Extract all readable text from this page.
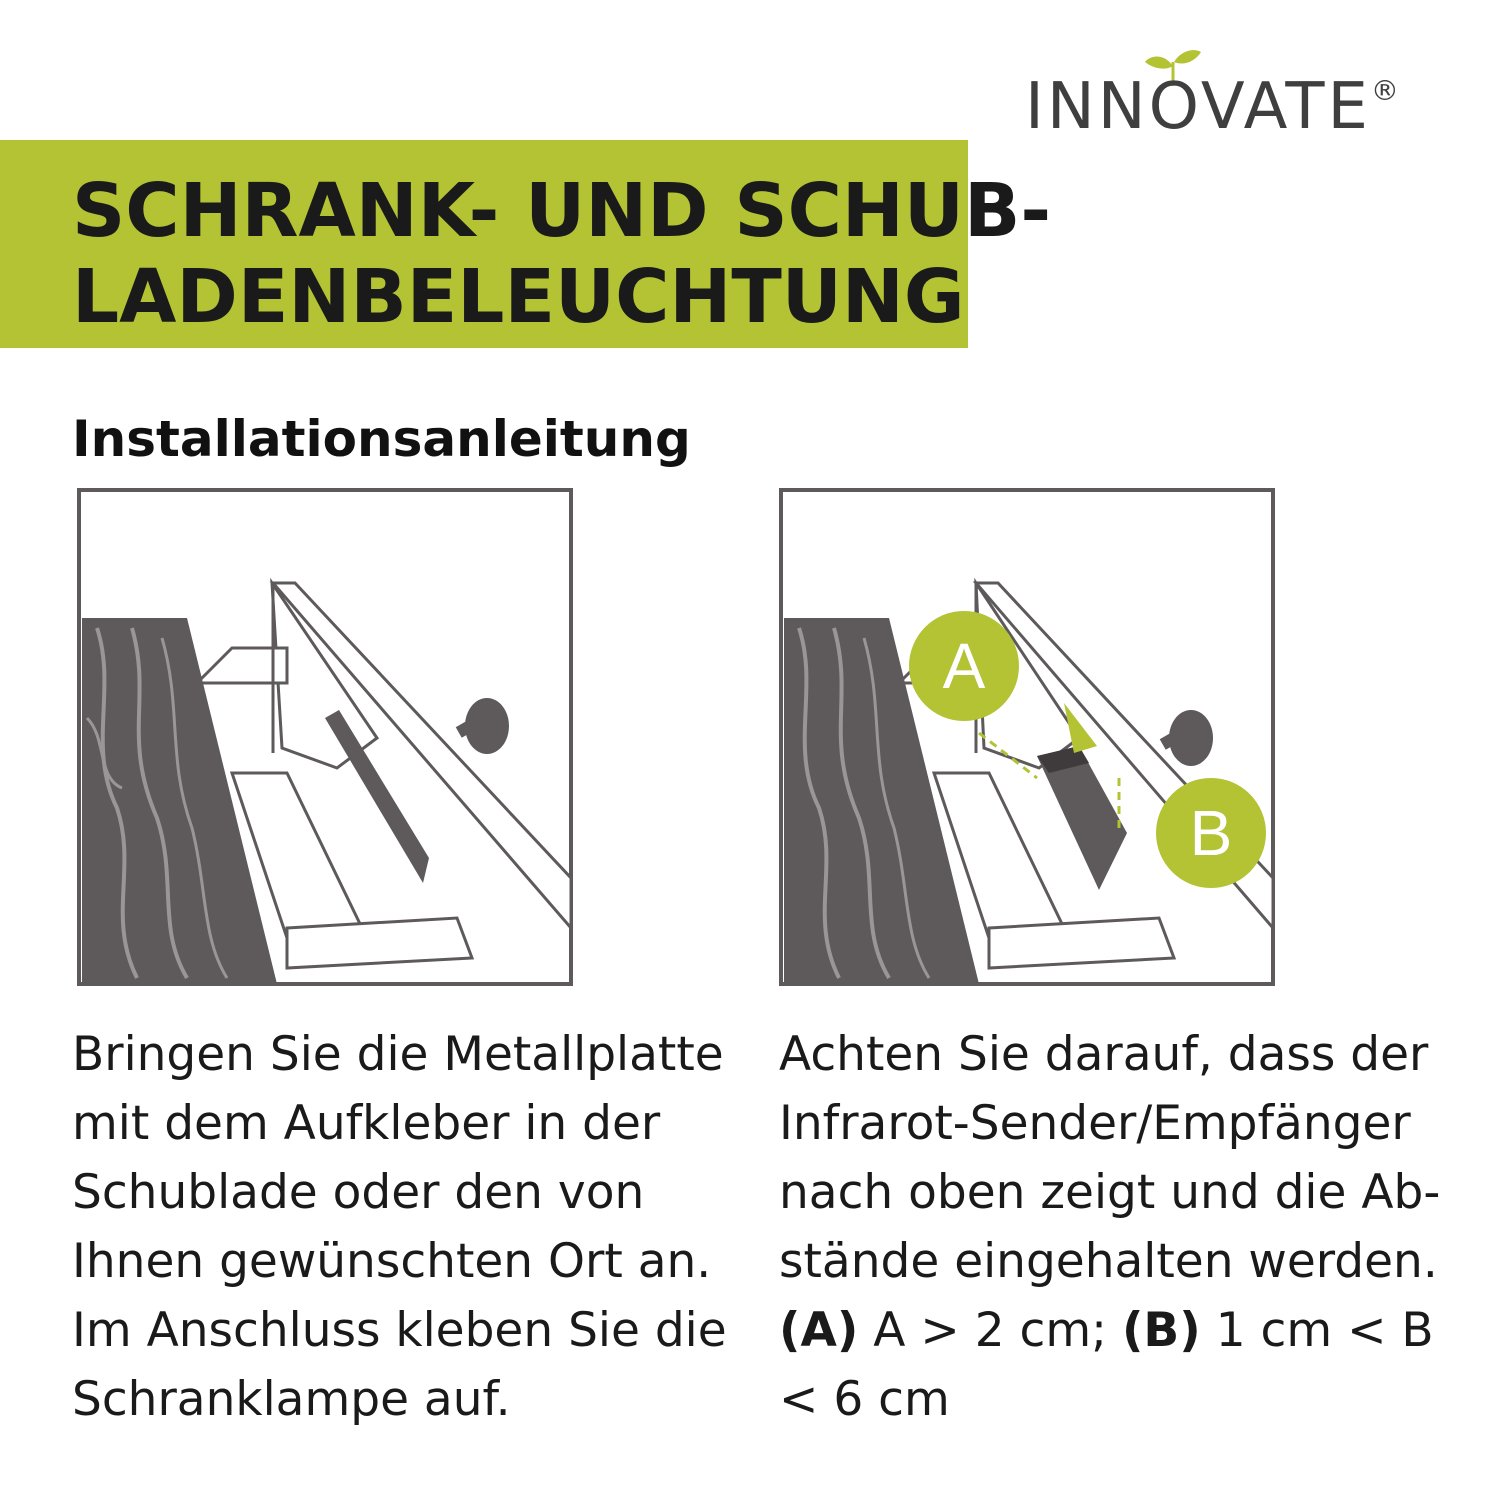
INNOVATE®
SCHRANK- UND SCHUB-
LADENBELEUCHTUNG
Installationsanleitung
A
B

Bringen Sie die Metallplatte
mit dem Aufkleber in der
Schublade oder den von
Ihnen gewünschten Ort an.
Im Anschluss kleben Sie die
Schranklampe auf.

Achten Sie darauf, dass der
Infrarot-Sender/Empfänger
nach oben zeigt und die Ab-
stände eingehalten werden.
(A) A > 2 cm; (B) 1 cm < B
< 6 cm
